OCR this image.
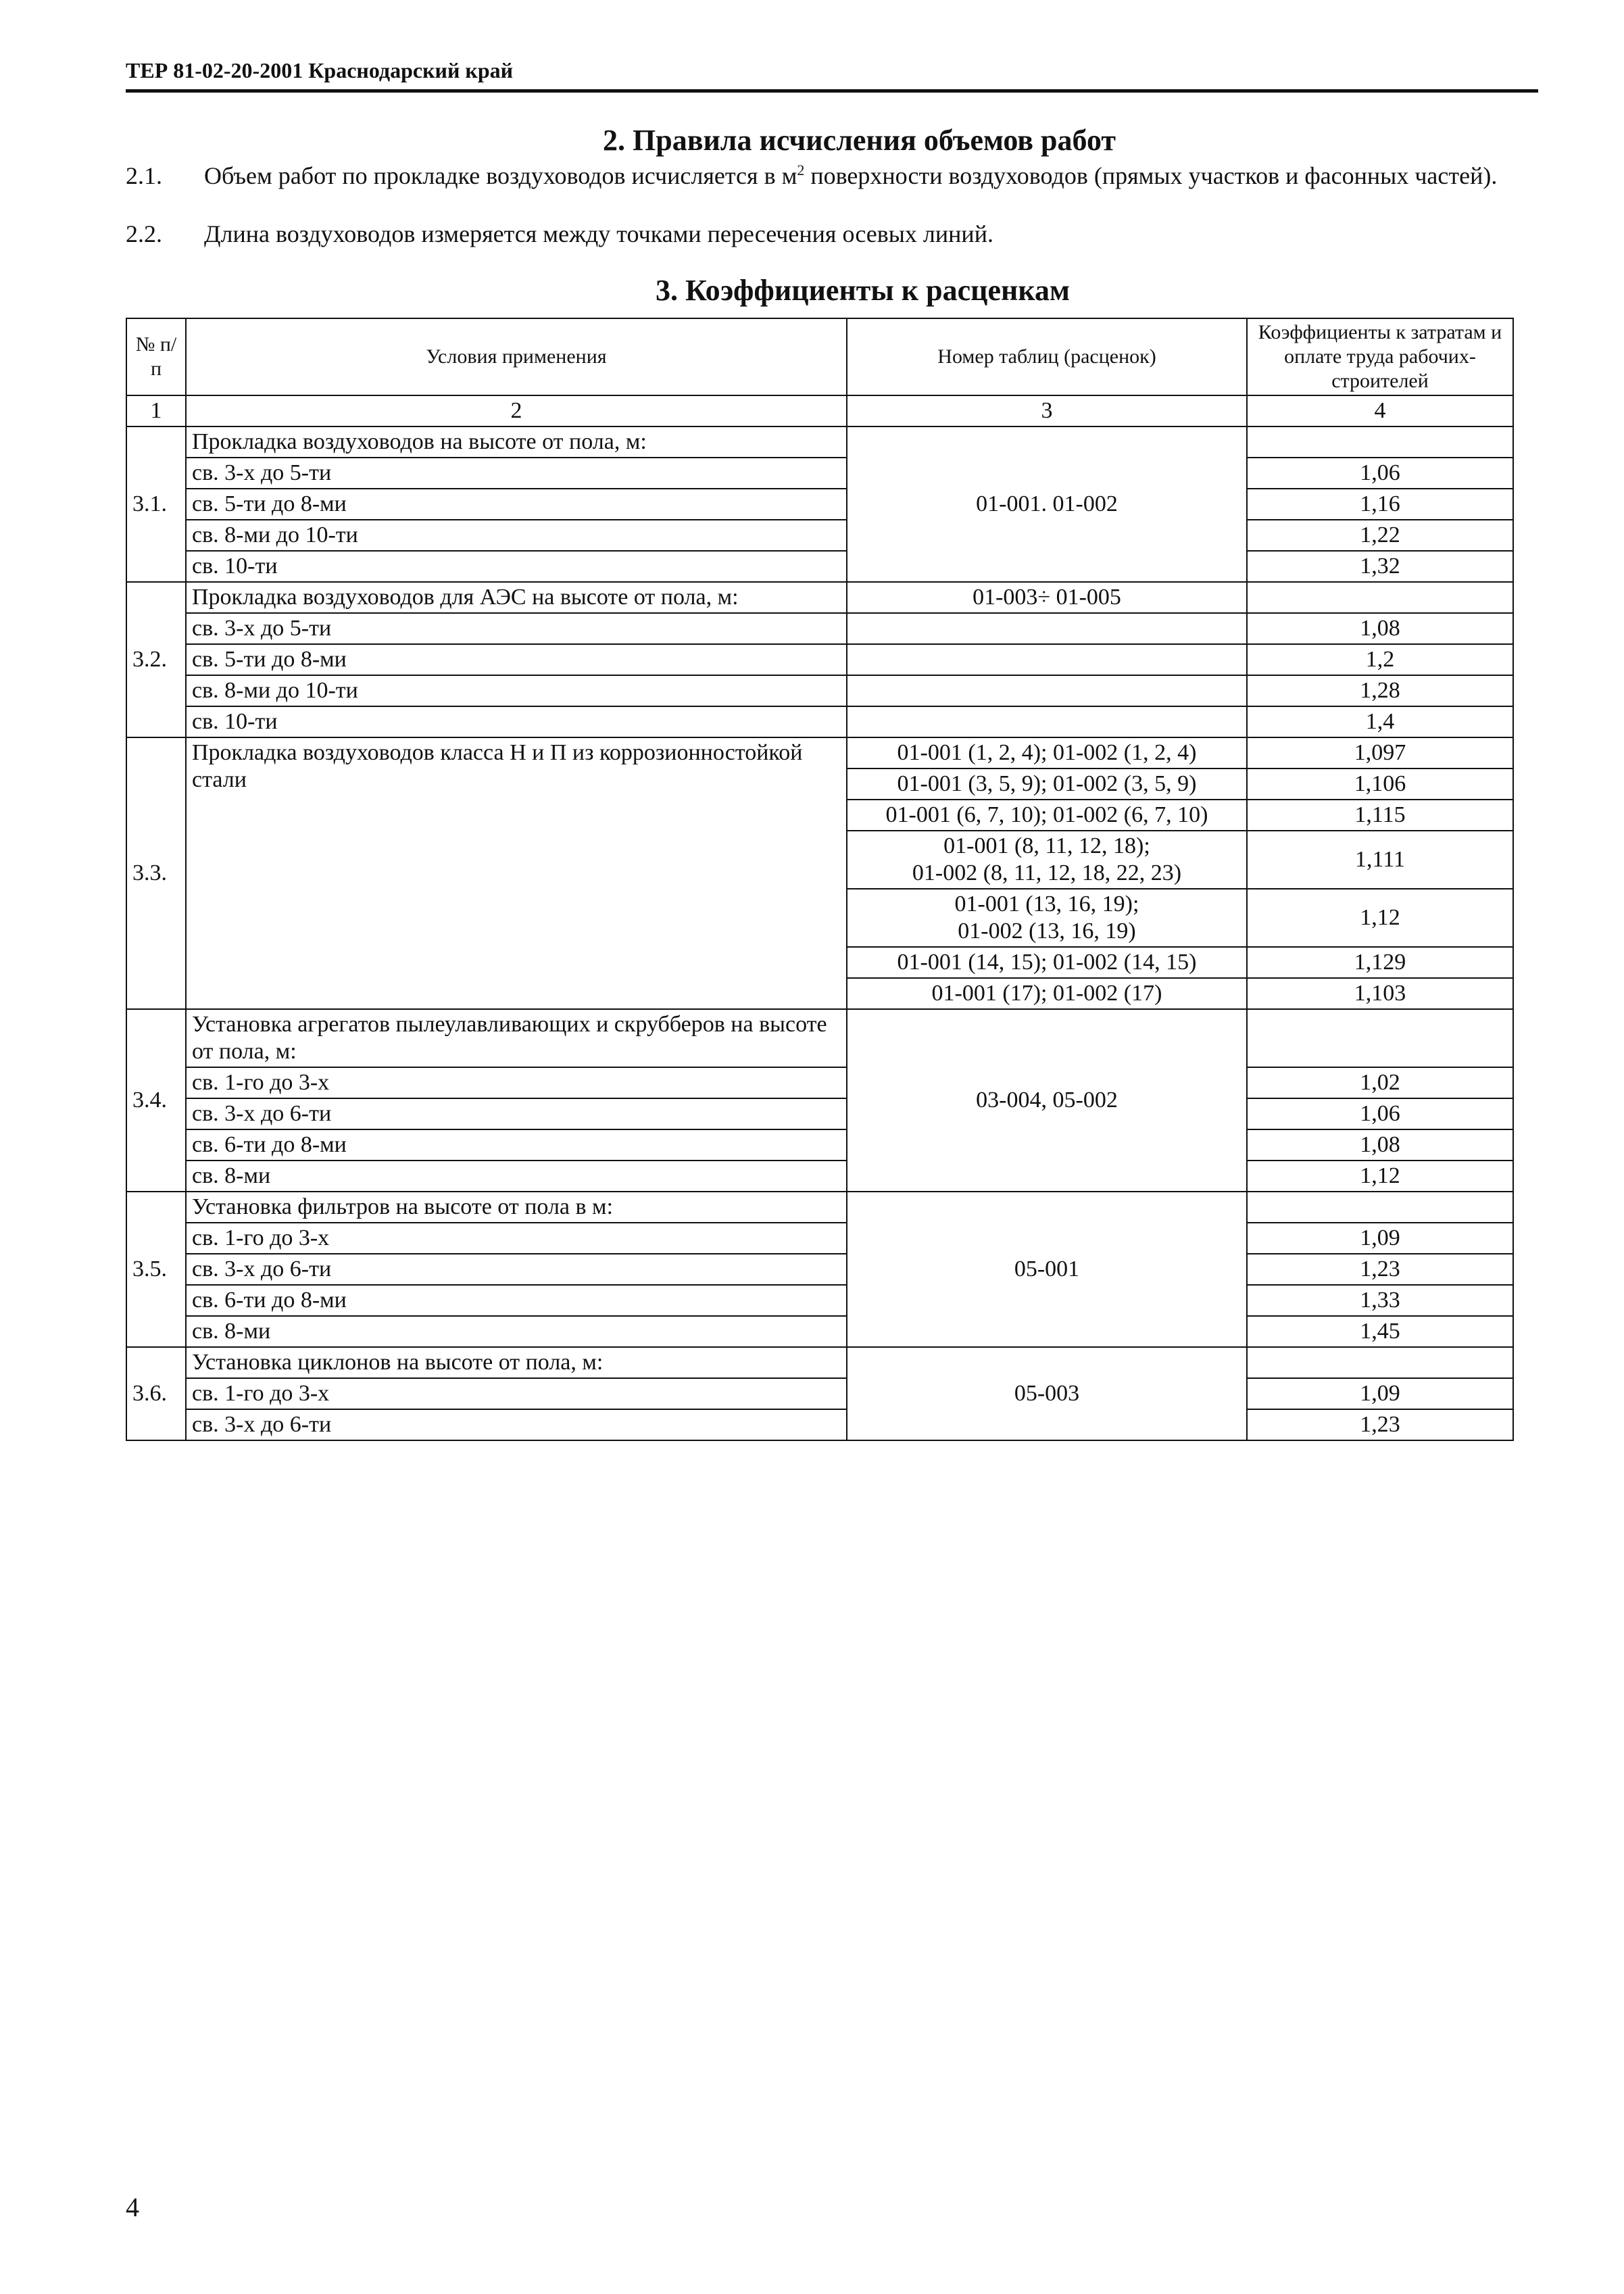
ТЕР 81-02-20-2001 Краснодарский край
2. Правила исчисления объемов работ
2.1. Объем работ по прокладке воздуховодов исчисляется в $м^2$ поверхности воздуховодов (прямых участков и фасонных частей).
2.2. Длина воздуховодов измеряется между точками пересечения осевых линий.
3. Коэффициенты к расценкам
№ п/п	Условия применения	Номер таблиц (расценок)	Коэффициенты к затратам и оплате труда рабочих-строителей
1	2	3	4
3.1.	Прокладка воздуховодов на высоте от пола, м:	01-001. 01-002	
	св. 3-х до 5-ти		1,06
	св. 5-ти до 8-ми		1,16
	св. 8-ми до 10-ти		1,22
	св. 10-ти		1,32
3.2.	Прокладка воздуховодов для АЭС на высоте от пола, м:	01-003÷ 01-005	
	св. 3-х до 5-ти		1,08
	св. 5-ти до 8-ми		1,2
	св. 8-ми до 10-ти		1,28
	св. 10-ти		1,4
3.3.	Прокладка воздуховодов класса Н и П из коррозионностойкой стали	01-001 (1, 2, 4); 01-002 (1, 2, 4)	1,097
		01-001 (3, 5, 9); 01-002 (3, 5, 9)	1,106
		01-001 (6, 7, 10); 01-002 (6, 7, 10)	1,115

		01-001 (8, 11, 12, 18);
01-002 (8, 11, 12, 18, 22, 23)	1,111

		01-001 (13, 16, 19);
01-002 (13, 16, 19)	1,12
		01-001 (14, 15); 01-002 (14, 15)	1,129
		01-001 (17); 01-002 (17)	1,103
3.4.	Установка агрегатов пылеулавливающих и скрубберов на высоте от пола, м:	03-004, 05-002	
	св. 1-го до 3-х		1,02
	св. 3-х до 6-ти		1,06
	св. 6-ти до 8-ми		1,08
	св. 8-ми		1,12
3.5.	Установка фильтров на высоте от пола в м:	05-001	
	св. 1-го до 3-х		1,09
	св. 3-х до 6-ти		1,23
	св. 6-ти до 8-ми		1,33
	св. 8-ми		1,45
3.6.	Установка циклонов на высоте от пола, м:	05-003	
	св. 1-го до 3-х		1,09
	св. 3-х до 6-ти		1,23
4
